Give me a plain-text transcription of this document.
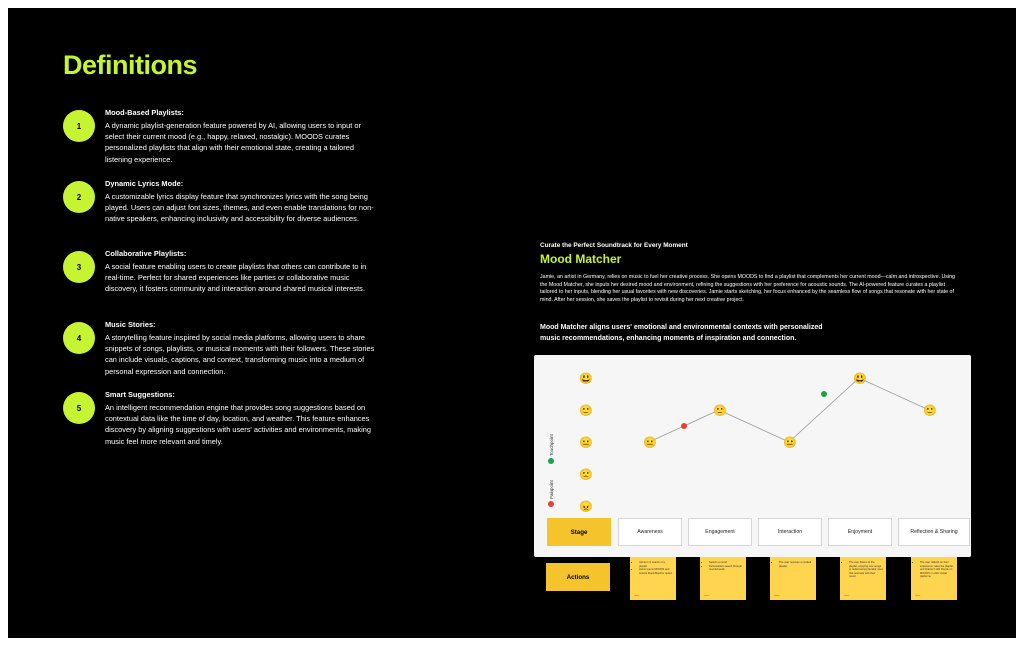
Definitions
1
Mood-Based Playlists:
A dynamic playlist-generation feature powered by AI, allowing users to input or select their current mood (e.g., happy, relaxed, nostalgic). MOODS curates personalized playlists that align with their emotional state, creating a tailored listening experience.
2
Dynamic Lyrics Mode:
A customizable lyrics display feature that synchronizes lyrics with the song being played. Users can adjust font sizes, themes, and even enable translations for non-native speakers, enhancing inclusivity and accessibility for diverse audiences.
3
Collaborative Playlists:
A social feature enabling users to create playlists that others can contribute to in real-time. Perfect for shared experiences like parties or collaborative music discovery, it fosters community and interaction around shared musical interests.
4
Music Stories:
A storytelling feature inspired by social media platforms, allowing users to share snippets of songs, playlists, or musical moments with their followers. These stories can include visuals, captions, and context, transforming music into a medium of personal expression and connection.
5
Smart Suggestions:
An intelligent recommendation engine that provides song suggestions based on contextual data like the time of day, location, and weather. This feature enhances discovery by aligning suggestions with users' activities and environments, making music feel more relevant and timely.
Curate the Perfect Soundtrack for Every Moment
Mood Matcher
Jamie, an artist in Germany, relies on music to fuel her creative process. She opens MOODS to find a playlist that complements her current mood—calm and introspective. Using the Mood Matcher, she inputs her desired mood and environment, refining the suggestions with her preference for acoustic sounds. The AI-powered feature curates a playlist tailored to her inputs, blending her usual favorites with new discoveries. Jamie starts sketching, her focus enhanced by the seamless flow of songs that resonate with her state of mind. After her session, she saves the playlist to revisit during her next creative project.
Mood Matcher aligns users' emotional and environmental contexts with personalized music recommendations, enhancing moments of inspiration and connection.
😠
🙁
😐
🙂
😃
😐
🙂
😐
😃
🙂
Touchpoint
Painpoint
Stage	Awareness	Engagement	Interaction	Enjoyment	Reflection & Sharing
Actions
• Jamie is in search of a playlist.
• Jamie opens MOODS and selects Mood Matcher option.
Jamie
• Selects a mood.
• Personalizes search through moods/needs.
Jamie
• The user receives a curated playlist.
Jamie
• The user listens to the playlist, enjoying new songs or rediscovering familiar ones that resonate with their mood.
Jamie
• The user reflects on their experience, rates the playlist, and shares it with friends on MOODS or other social platforms.
Jamie
